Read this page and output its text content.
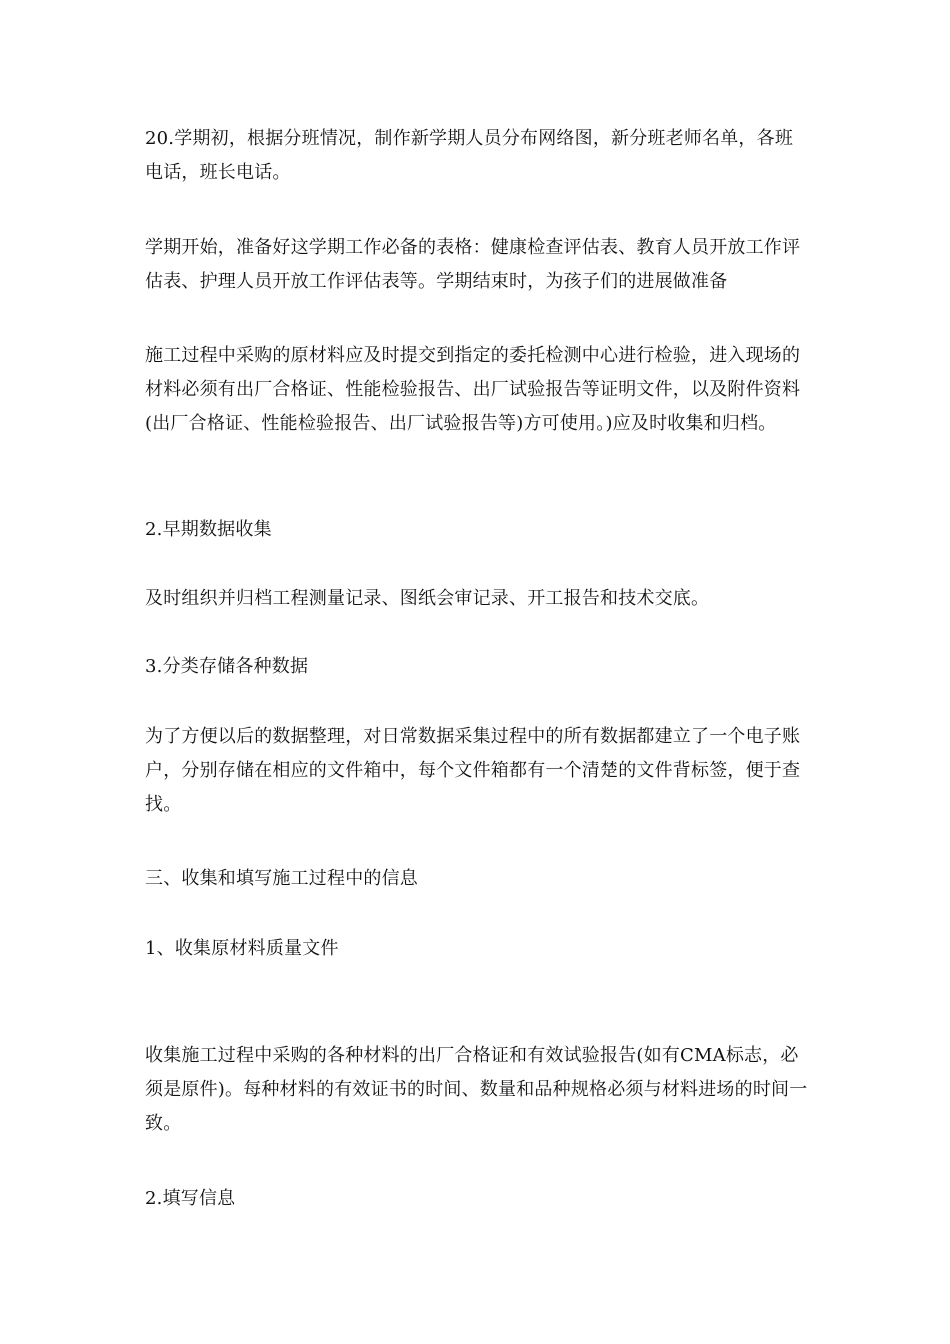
20.学期初，根据分班情况，制作新学期人员分布网络图，新分班老师名单，各班电话，班长电话。

学期开始，准备好这学期工作必备的表格：健康检查评估表、教育人员开放工作评估表、护理人员开放工作评估表等。学期结束时，为孩子们的进展做准备

施工过程中采购的原材料应及时提交到指定的委托检测中心进行检验，进入现场的材料必须有出厂合格证、性能检验报告、出厂试验报告等证明文件，以及附件资料(出厂合格证、性能检验报告、出厂试验报告等)方可使用。)应及时收集和归档。

2.早期数据收集

及时组织并归档工程测量记录、图纸会审记录、开工报告和技术交底。

3.分类存储各种数据

为了方便以后的数据整理，对日常数据采集过程中的所有数据都建立了一个电子账户，分别存储在相应的文件箱中，每个文件箱都有一个清楚的文件背标签，便于查找。

三、收集和填写施工过程中的信息

1、收集原材料质量文件

收集施工过程中采购的各种材料的出厂合格证和有效试验报告(如有CMA标志，必须是原件)。每种材料的有效证书的时间、数量和品种规格必须与材料进场的时间一致。

2.填写信息
